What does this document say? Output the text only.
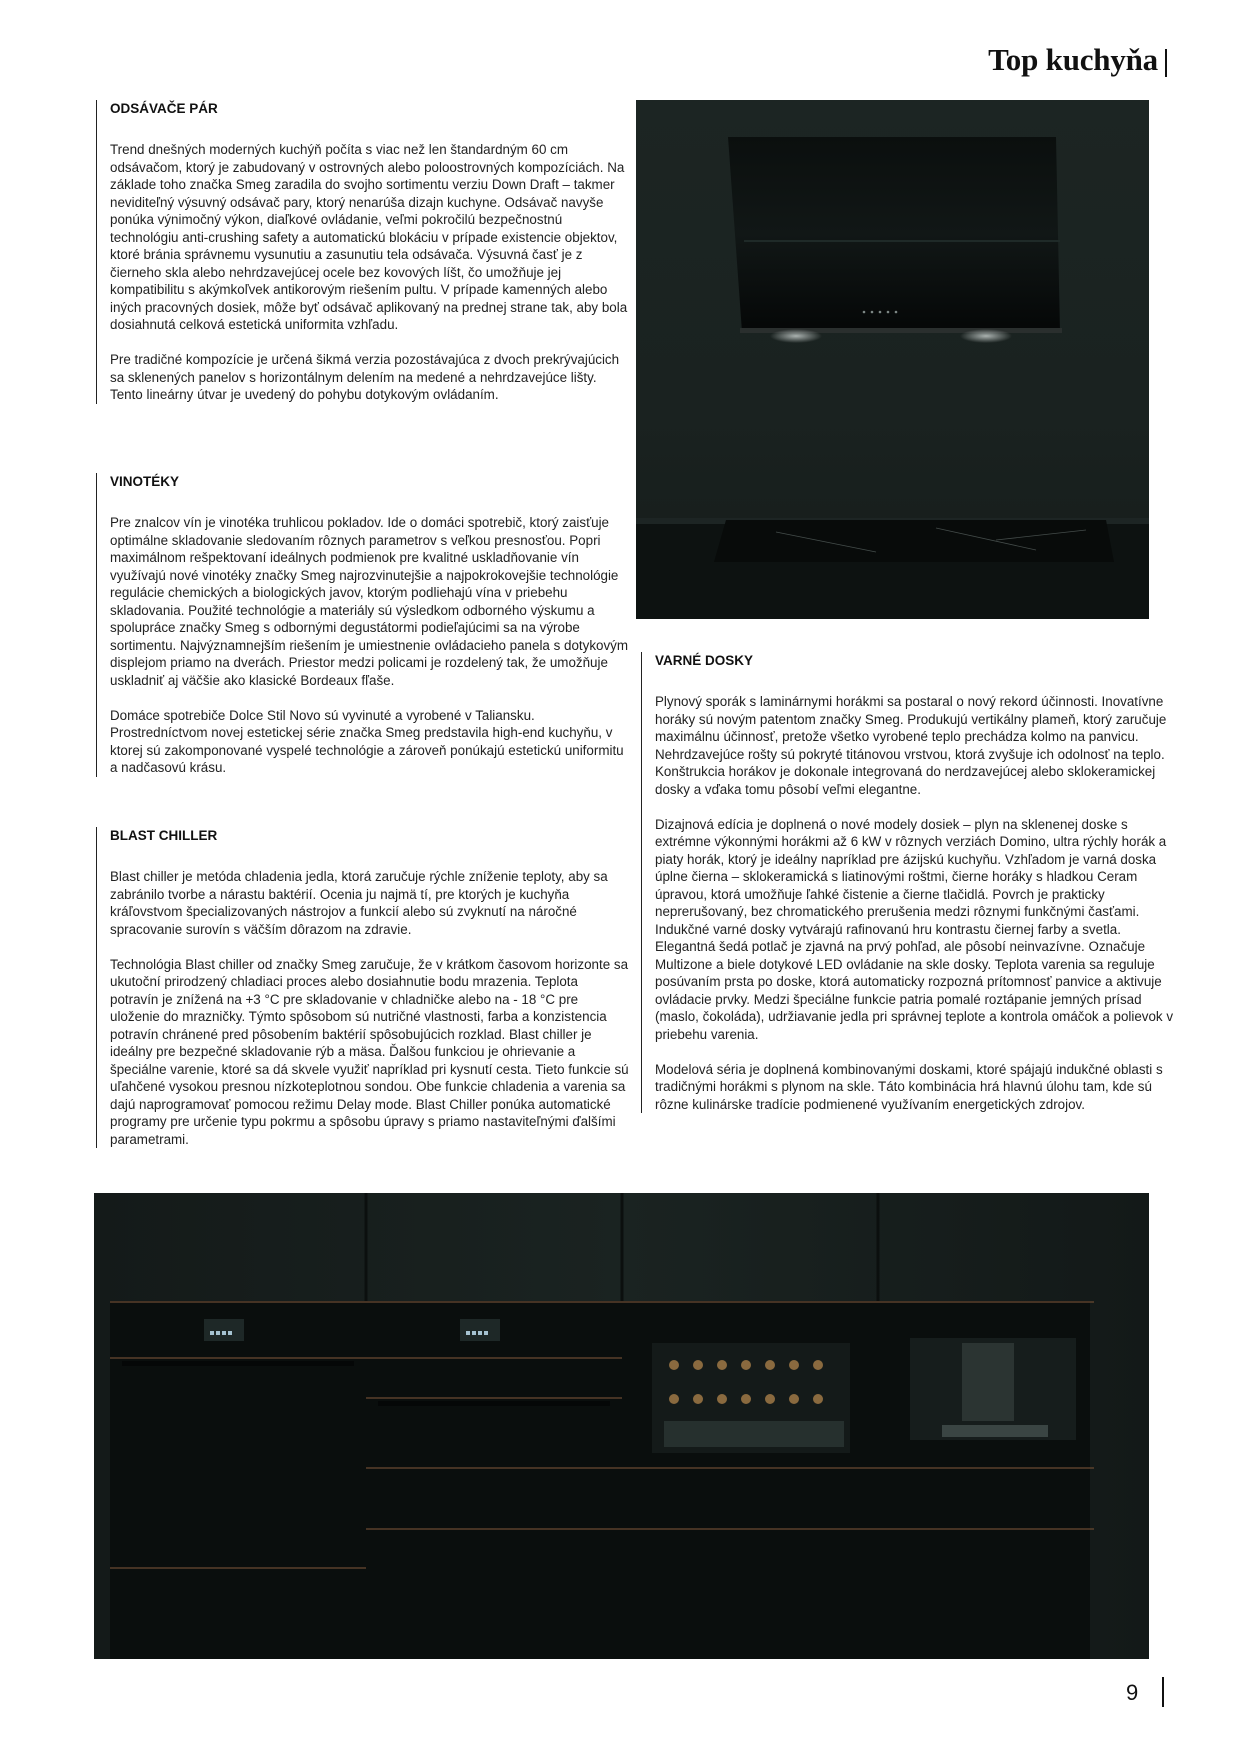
Top kuchyňa
ODSÁVAČE PÁR

Trend dnešných moderných kuchýň počíta s viac než len štandardným 60 cm odsávačom, ktorý je zabudovaný v ostrovných alebo poloostrovných kompozíciách. Na základe toho značka Smeg zaradila do svojho sortimentu verziu Down Draft – takmer neviditeľný výsuvný odsávač pary, ktorý nenarúša dizajn kuchyne. Odsávač navyše ponúka výnimočný výkon, diaľkové ovládanie, veľmi pokročilú bezpečnostnú technológiu anti-crushing safety a automatickú blokáciu v prípade existencie objektov, ktoré bránia správnemu vysunutiu a zasunutiu tela odsávača. Výsuvná časť je z čierneho skla alebo nehrdzavejúcej ocele bez kovových líšt, čo umožňuje jej kompatibilitu s akýmkoľvek antikorovým riešením pultu. V prípade kamenných alebo iných pracovných dosiek, môže byť odsávač aplikovaný na prednej strane tak, aby bola dosiahnutá celková estetická uniformita vzhľadu.

Pre tradičné kompozície je určená šikmá verzia pozostávajúca z dvoch prekrývajúcich sa sklenených panelov s horizontálnym delením na medené a nehrdzavejúce lišty. Tento lineárny útvar je uvedený do pohybu dotykovým ovládaním.

VINOTÉKY

Pre znalcov vín je vinotéka truhlicou pokladov. Ide o domáci spotrebič, ktorý zaisťuje optimálne skladovanie sledovaním rôznych parametrov s veľkou presnosťou. Popri maximálnom rešpektovaní ideálnych podmienok pre kvalitné uskladňovanie vín využívajú nové vinotéky značky Smeg najrozvinutejšie a najpokrokovejšie technológie regulácie chemických a biologických javov, ktorým podliehajú vína v priebehu skladovania. Použité technológie a materiály sú výsledkom odborného výskumu a spolupráce značky Smeg s odbornými degustátormi podieľajúcimi sa na výrobe sortimentu. Najvýznamnejším riešením je umiestnenie ovládacieho panela s dotykovým displejom priamo na dverách. Priestor medzi policami je rozdelený tak, že umožňuje uskladniť aj väčšie ako klasické Bordeaux fľaše.

Domáce spotrebiče Dolce Stil Novo sú vyvinuté a vyrobené v Taliansku. Prostredníctvom novej estetickej série značka Smeg predstavila high-end kuchyňu, v ktorej sú zakomponované vyspelé technológie a zároveň ponúkajú estetickú uniformitu a nadčasovú krásu.

BLAST CHILLER

Blast chiller je metóda chladenia jedla, ktorá zaručuje rýchle zníženie teploty, aby sa zabránilo tvorbe a nárastu baktérií. Ocenia ju najmä tí, pre ktorých je kuchyňa kráľovstvom špecializovaných nástrojov a funkcií alebo sú zvyknutí na náročné spracovanie surovín s väčším dôrazom na zdravie.

Technológia Blast chiller od značky Smeg zaručuje, že v krátkom časovom horizonte sa ukutoční prirodzený chladiaci proces alebo dosiahnutie bodu mrazenia. Teplota potravín je znížená na +3 °C pre skladovanie v chladničke alebo na - 18 °C pre uloženie do mrazničky. Týmto spôsobom sú nutričné vlastnosti, farba a konzistencia potravín chránené pred pôsobením baktérií spôsobujúcich rozklad. Blast chiller je ideálny pre bezpečné skladovanie rýb a mäsa. Ďalšou funkciou je ohrievanie a špeciálne varenie, ktoré sa dá skvele využiť napríklad pri kysnutí cesta. Tieto funkcie sú uľahčené vysokou presnou nízkoteplotnou sondou. Obe funkcie chladenia a varenia sa dajú naprogramovať pomocou režimu Delay mode. Blast Chiller ponúka automatické programy pre určenie typu pokrmu a spôsobu úpravy s priamo nastaviteľnými ďalšími parametrami.

VARNÉ DOSKY

Plynový sporák s laminárnymi horákmi sa postaral o nový rekord účinnosti. Inovatívne horáky sú novým patentom značky Smeg. Produkujú vertikálny plameň, ktorý zaručuje maximálnu účinnosť, pretože všetko vyrobené teplo prechádza kolmo na panvicu. Nehrdzavejúce rošty sú pokryté titánovou vrstvou, ktorá zvyšuje ich odolnosť na teplo. Konštrukcia horákov je dokonale integrovaná do nerdzavejúcej alebo sklokeramickej dosky a vďaka tomu pôsobí veľmi elegantne.

Dizajnová edícia je doplnená o nové modely dosiek – plyn na sklenenej doske s extrémne výkonnými horákmi až 6 kW v rôznych verziách Domino, ultra rýchly horák a piaty horák, ktorý je ideálny napríklad pre ázijskú kuchyňu. Vzhľadom je varná doska úplne čierna – sklokeramická s liatinovými roštmi, čierne horáky s hladkou Ceram úpravou, ktorá umožňuje ľahké čistenie a čierne tlačidlá. Povrch je prakticky neprerušovaný, bez chromatického prerušenia medzi rôznymi funkčnými časťami. Indukčné varné dosky vytvárajú rafinovanú hru kontrastu čiernej farby a svetla. Elegantná šedá potlač je zjavná na prvý pohľad, ale pôsobí neinvazívne. Označuje Multizone a biele dotykové LED ovládanie na skle dosky. Teplota varenia sa reguluje posúvaním prsta po doske, ktorá automaticky rozpozná prítomnosť panvice a aktivuje ovládacie prvky. Medzi špeciálne funkcie patria pomalé roztápanie jemných prísad (maslo, čokoláda), udržiavanie jedla pri správnej teplote a kontrola omáčok a polievok v priebehu varenia.

Modelová séria je doplnená kombinovanými doskami, ktoré spájajú indukčné oblasti s tradičnými horákmi s plynom na skle. Táto kombinácia hrá hlavnú úlohu tam, kde sú rôzne kulinárske tradície podmienené využívaním energetických zdrojov.

9
